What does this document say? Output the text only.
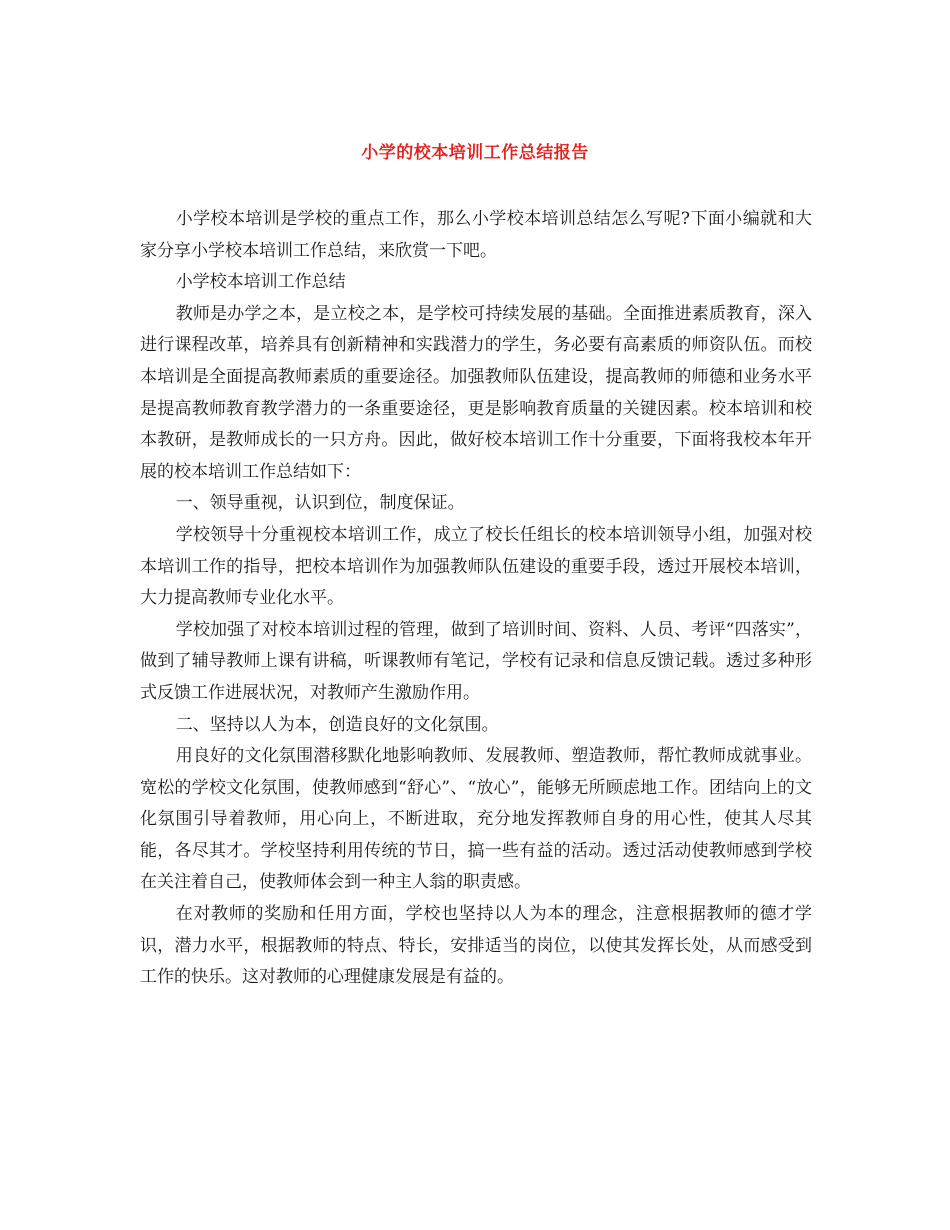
小学的校本培训工作总结报告

小学校本培训是学校的重点工作，那么小学校本培训总结怎么写呢?下面小编就和大家分享小学校本培训工作总结，来欣赏一下吧。

小学校本培训工作总结

教师是办学之本，是立校之本，是学校可持续发展的基础。全面推进素质教育，深入进行课程改革，培养具有创新精神和实践潜力的学生，务必要有高素质的师资队伍。而校本培训是全面提高教师素质的重要途径。加强教师队伍建设，提高教师的师德和业务水平是提高教师教育教学潜力的一条重要途径，更是影响教育质量的关键因素。校本培训和校本教研，是教师成长的一只方舟。因此，做好校本培训工作十分重要，下面将我校本年开展的校本培训工作总结如下：

一、领导重视，认识到位，制度保证。

学校领导十分重视校本培训工作，成立了校长任组长的校本培训领导小组，加强对校本培训工作的指导，把校本培训作为加强教师队伍建设的重要手段，透过开展校本培训，大力提高教师专业化水平。

学校加强了对校本培训过程的管理，做到了培训时间、资料、人员、考评“四落实”，做到了辅导教师上课有讲稿，听课教师有笔记，学校有记录和信息反馈记载。透过多种形式反馈工作进展状况，对教师产生激励作用。

二、坚持以人为本，创造良好的文化氛围。

用良好的文化氛围潜移默化地影响教师、发展教师、塑造教师，帮忙教师成就事业。宽松的学校文化氛围，使教师感到“舒心”、“放心”，能够无所顾虑地工作。团结向上的文化氛围引导着教师，用心向上，不断进取，充分地发挥教师自身的用心性，使其人尽其能，各尽其才。学校坚持利用传统的节日，搞一些有益的活动。透过活动使教师感到学校在关注着自己，使教师体会到一种主人翁的职责感。

在对教师的奖励和任用方面，学校也坚持以人为本的理念，注意根据教师的德才学识，潜力水平，根据教师的特点、特长，安排适当的岗位，以使其发挥长处，从而感受到工作的快乐。这对教师的心理健康发展是有益的。
